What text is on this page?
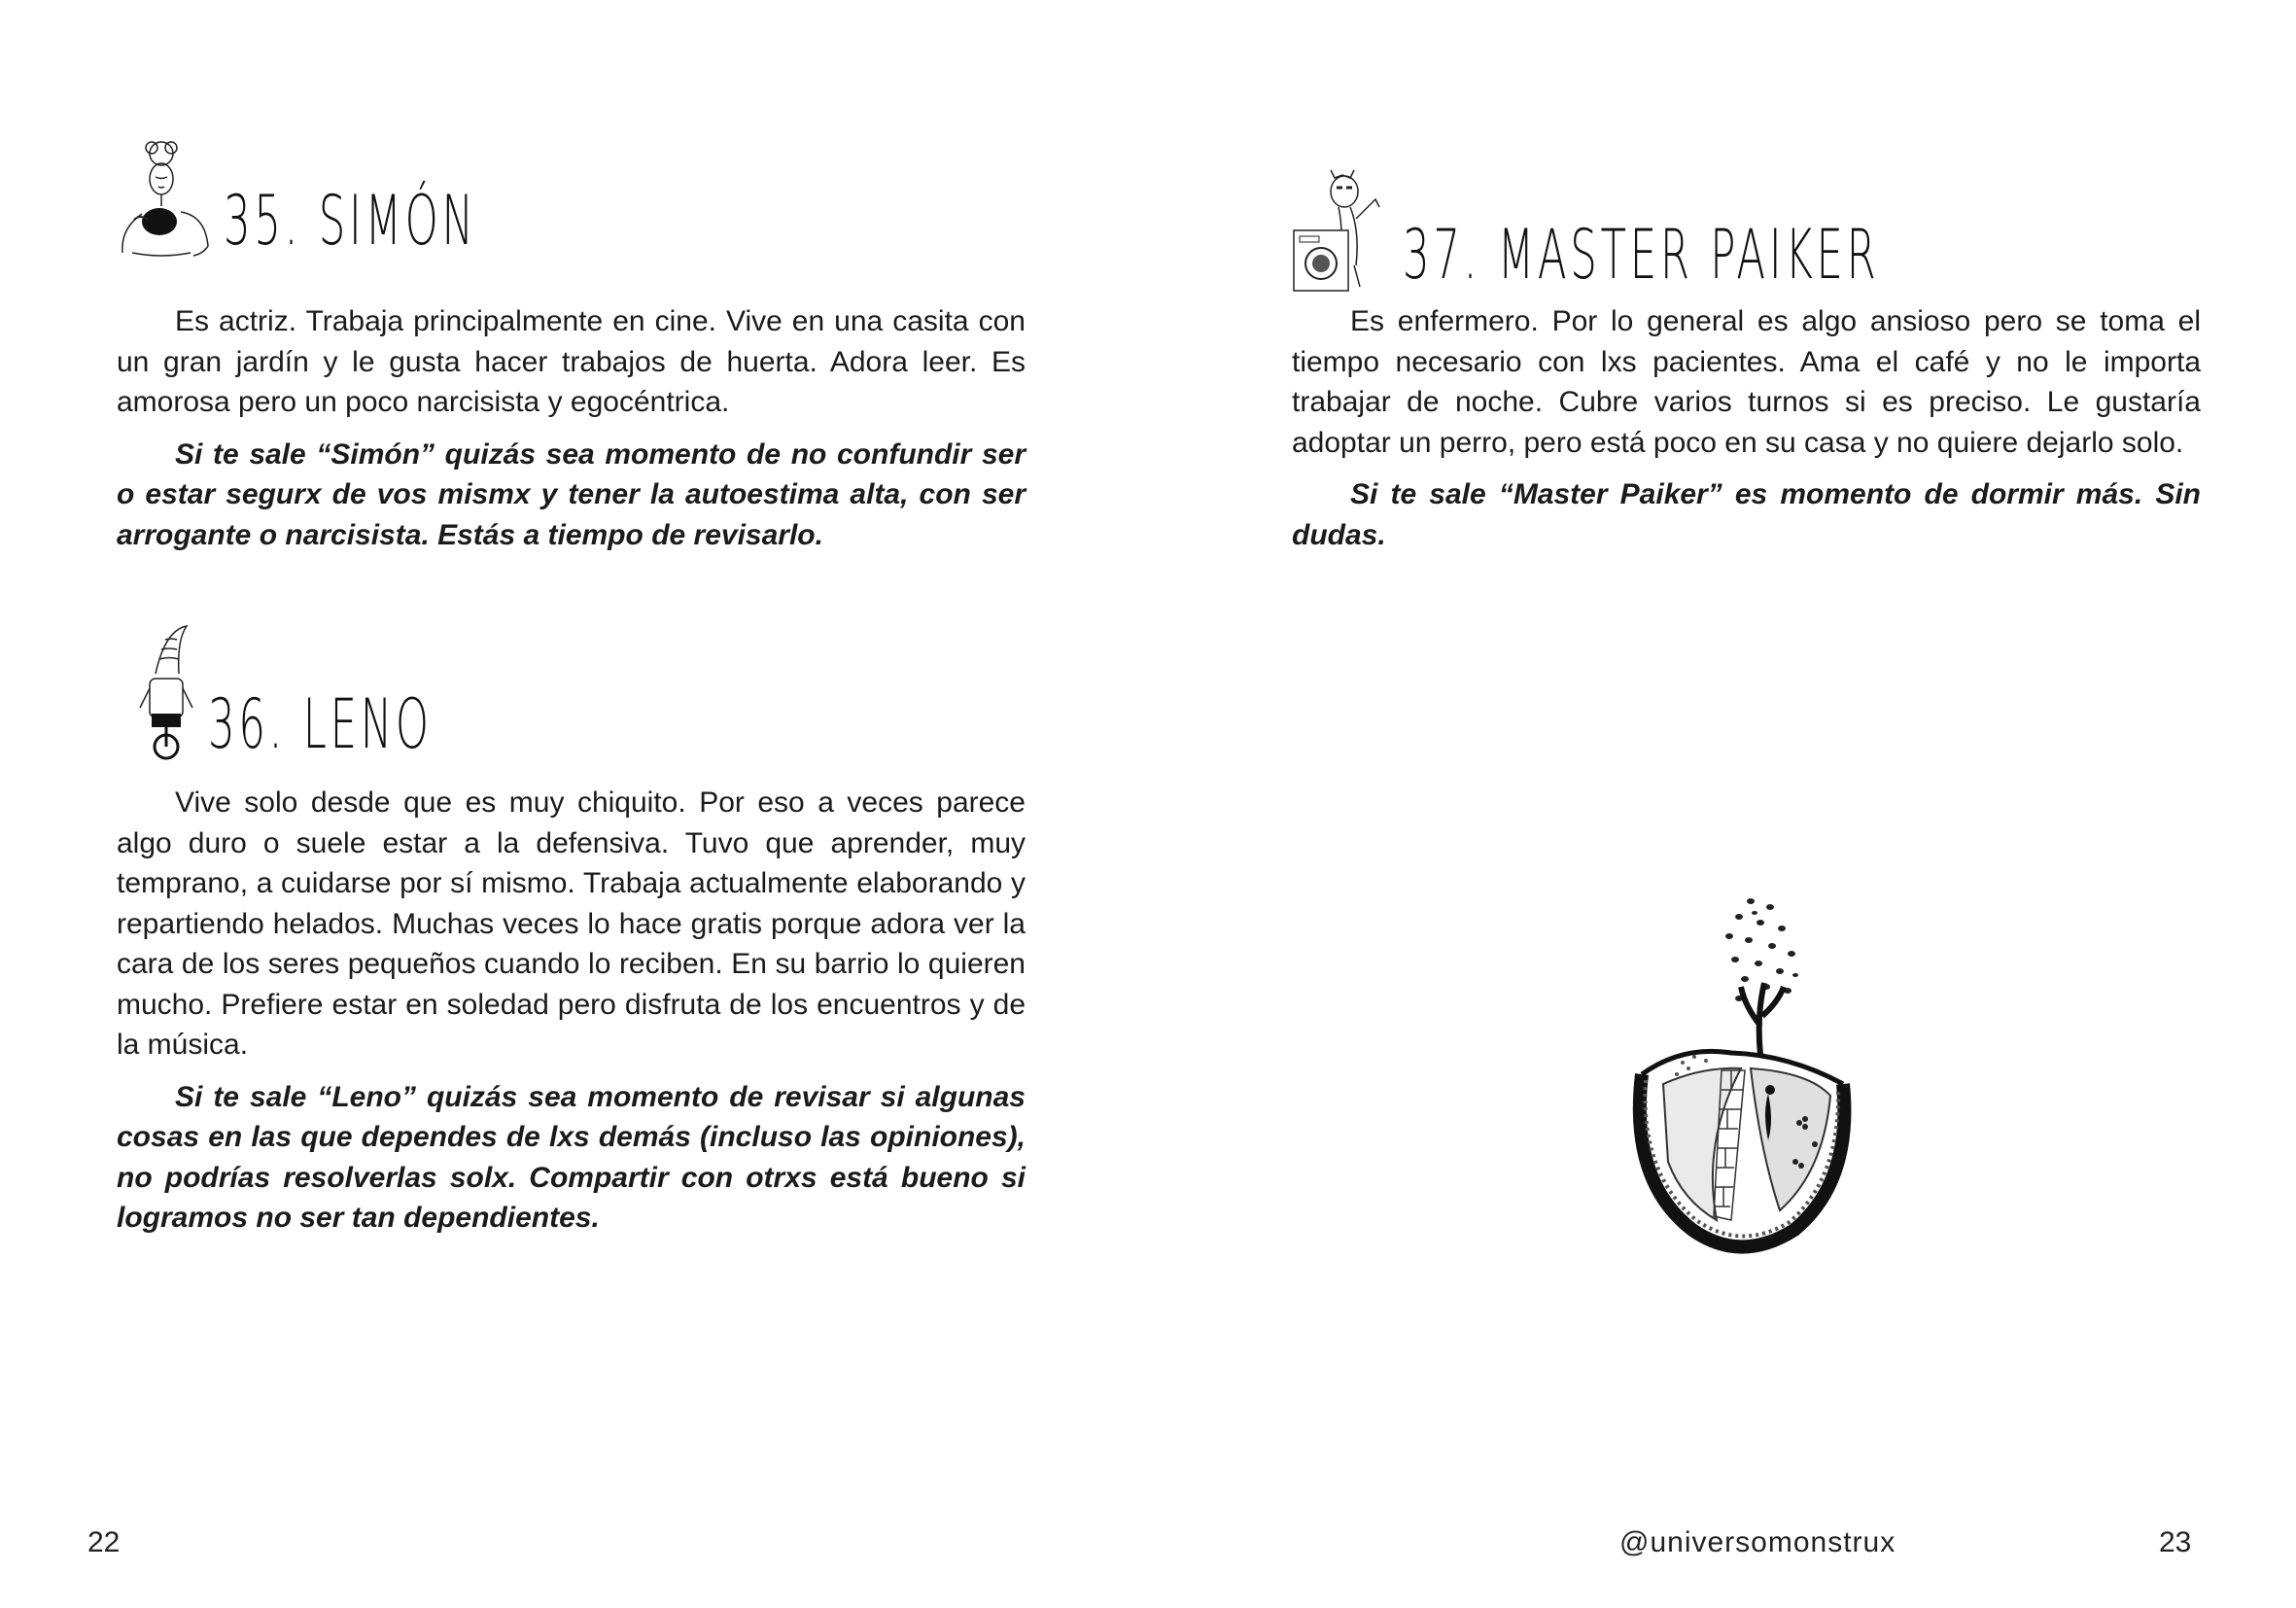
35. SIMÓN

Es actriz. Trabaja principalmente en cine. Vive en una casita con un gran jardín y le gusta hacer trabajos de huerta. Adora leer. Es amorosa pero un poco narcisista y egocéntrica.

Si te sale “Simón” quizás sea momento de no confundir ser o estar segurx de vos mismx y tener la autoestima alta, con ser arrogante o narcisista. Estás a tiempo de revisarlo.

36. LENO

Vive solo desde que es muy chiquito. Por eso a veces parece algo duro o suele estar a la defensiva. Tuvo que aprender, muy temprano, a cuidarse por sí mismo. Trabaja actualmente elaborando y repartiendo helados. Muchas veces lo hace gratis porque adora ver la cara de los seres pequeños cuando lo reciben. En su barrio lo quieren mucho. Prefiere estar en soledad pero disfruta de los encuentros y de la música.

Si te sale “Leno” quizás sea momento de revisar si algunas cosas en las que dependes de lxs demás (incluso las opiniones), no podrías resolverlas solx. Compartir con otrxs está bueno si logramos no ser tan dependientes.

22
37. MASTER PAIKER

Es enfermero. Por lo general es algo ansioso pero se toma el tiempo necesario con lxs pacientes. Ama el café y no le importa trabajar de noche. Cubre varios turnos si es preciso. Le gustaría adoptar un perro, pero está poco en su casa y no quiere dejarlo solo.

Si te sale “Master Paiker” es momento de dormir más. Sin dudas.

@universomonstrux	23
